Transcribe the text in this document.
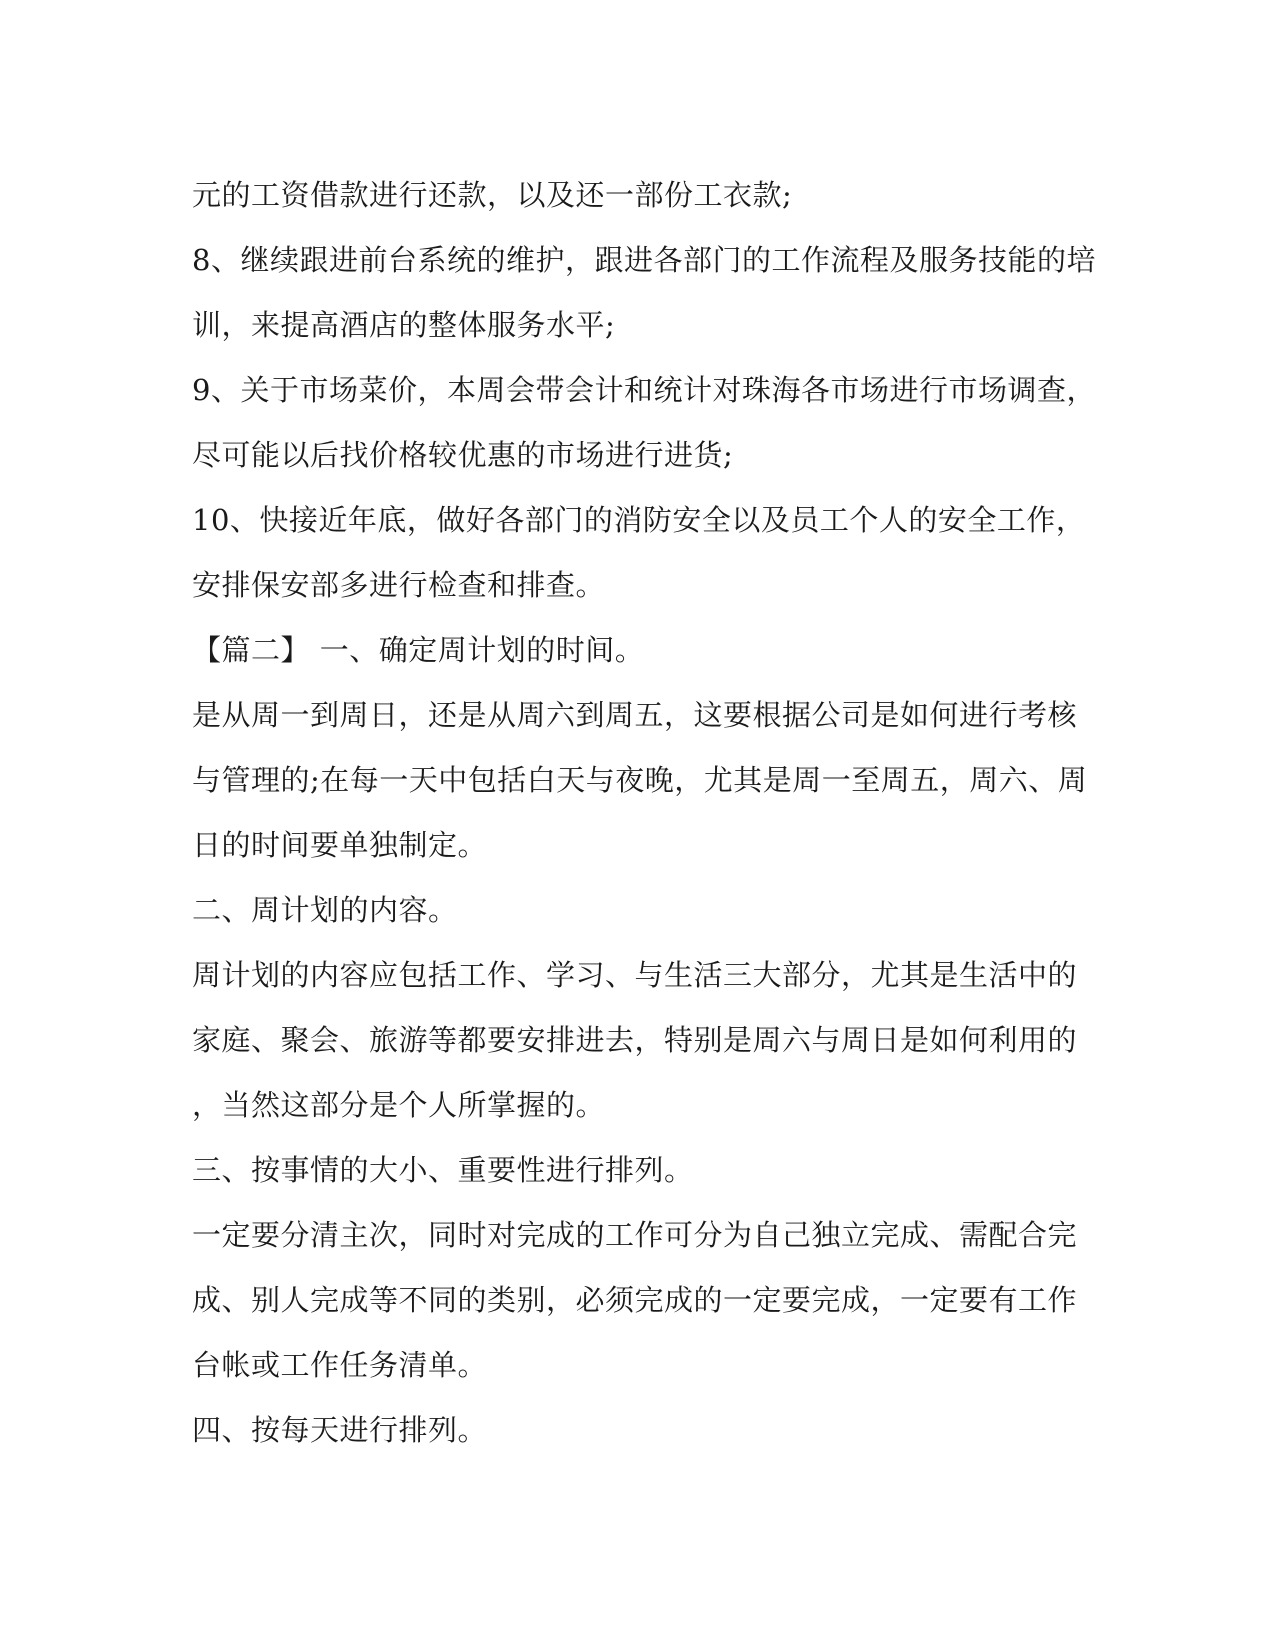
元的工资借款进行还款，以及还一部份工衣款;
8、继续跟进前台系统的维护，跟进各部门的工作流程及服务技能的培
训，来提高酒店的整体服务水平;
9、关于市场菜价，本周会带会计和统计对珠海各市场进行市场调查，
尽可能以后找价格较优惠的市场进行进货;
10、快接近年底，做好各部门的消防安全以及员工个人的安全工作，
安排保安部多进行检查和排查。
【篇二】 一、确定周计划的时间。
是从周一到周日，还是从周六到周五，这要根据公司是如何进行考核
与管理的;在每一天中包括白天与夜晚，尤其是周一至周五，周六、周
日的时间要单独制定。
二、周计划的内容。
周计划的内容应包括工作、学习、与生活三大部分，尤其是生活中的
家庭、聚会、旅游等都要安排进去，特别是周六与周日是如何利用的
，当然这部分是个人所掌握的。
三、按事情的大小、重要性进行排列。
一定要分清主次，同时对完成的工作可分为自己独立完成、需配合完
成、别人完成等不同的类别，必须完成的一定要完成，一定要有工作
台帐或工作任务清单。
四、按每天进行排列。
